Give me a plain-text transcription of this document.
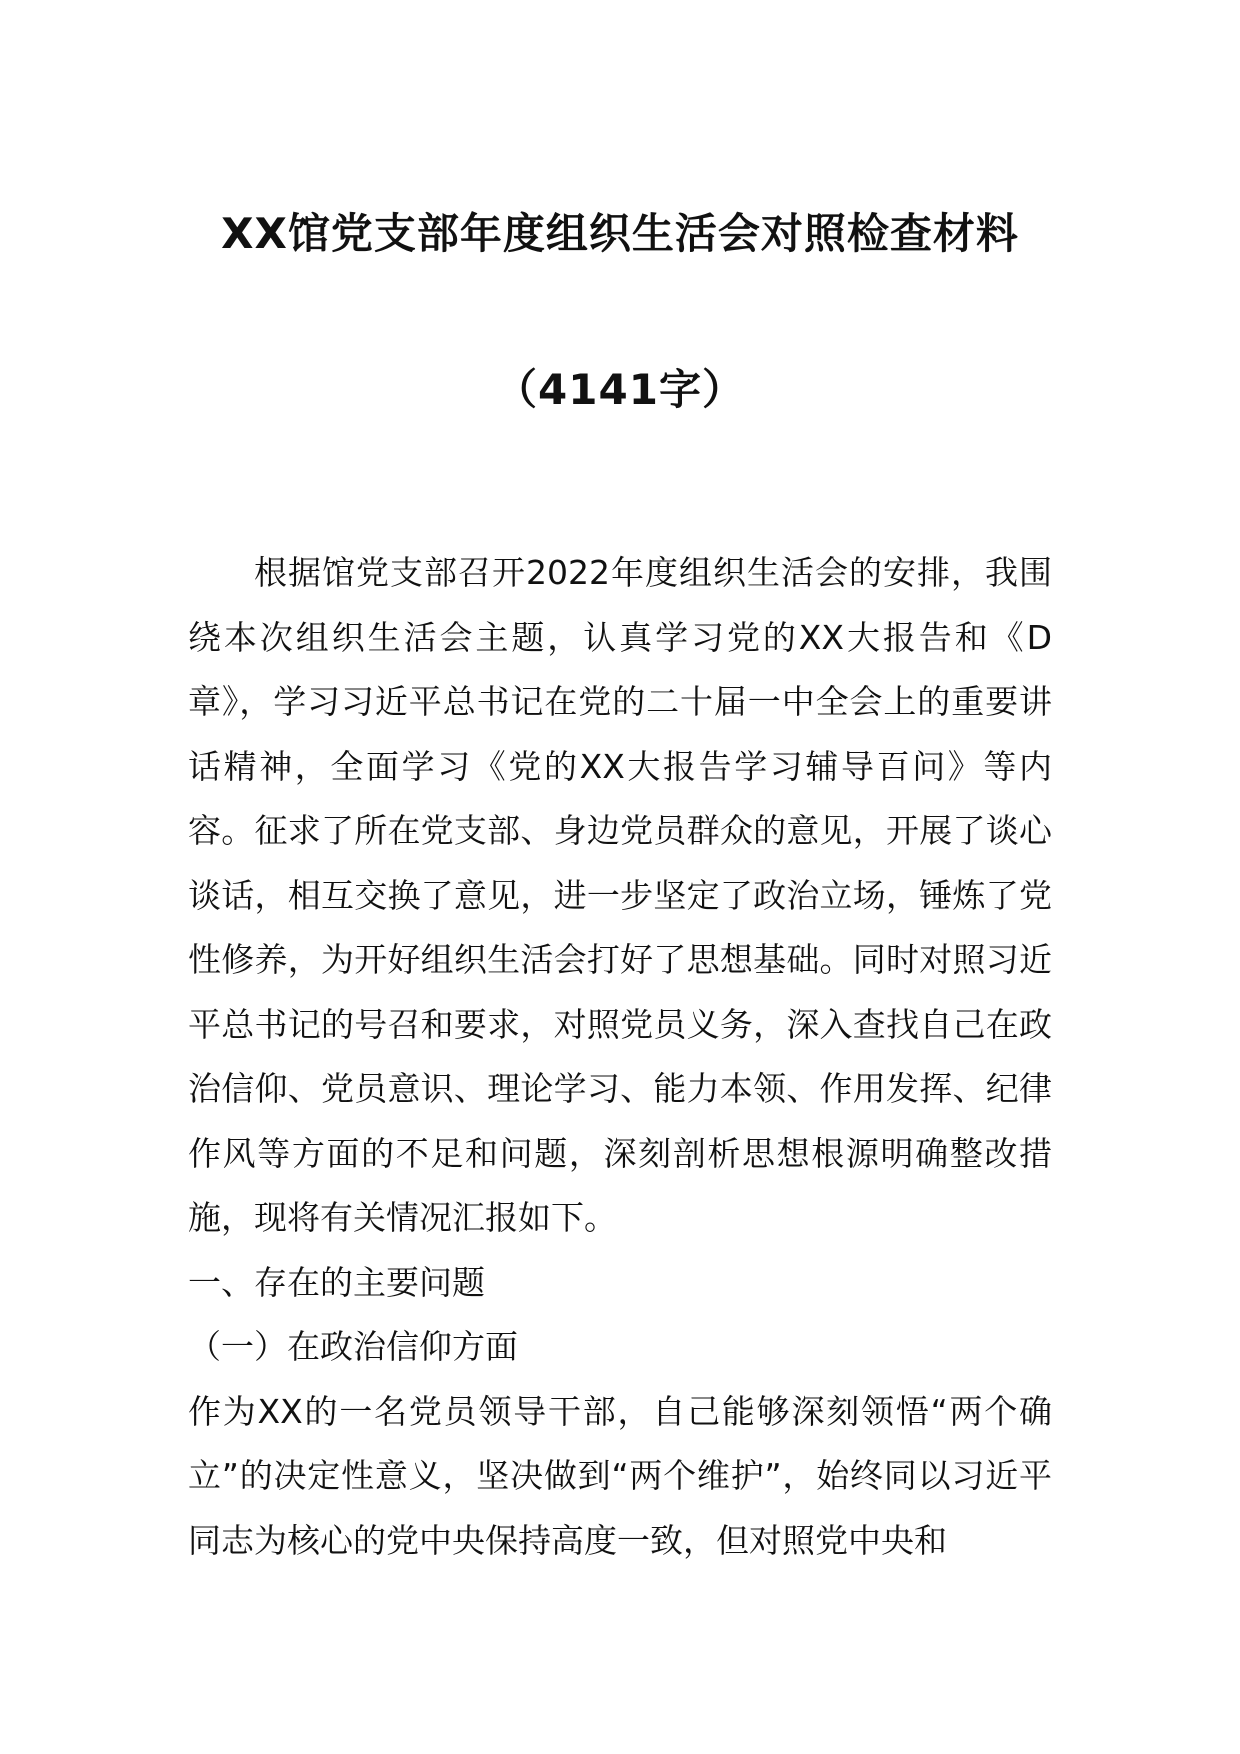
XX馆党支部年度组织生活会对照检查材料
（4141字）

根据馆党支部召开2022年度组织生活会的安排，我围绕本次组织生活会主题，认真学习党的XX大报告和《D章》，学习习近平总书记在党的二十届一中全会上的重要讲话精神，全面学习《党的XX大报告学习辅导百问》等内容。征求了所在党支部、身边党员群众的意见，开展了谈心谈话，相互交换了意见，进一步坚定了政治立场，锤炼了党性修养，为开好组织生活会打好了思想基础。同时对照习近平总书记的号召和要求，对照党员义务，深入查找自己在政治信仰、党员意识、理论学习、能力本领、作用发挥、纪律作风等方面的不足和问题，深刻剖析思想根源明确整改措施，现将有关情况汇报如下。

一、存在的主要问题

（一）在政治信仰方面

作为XX的一名党员领导干部，自己能够深刻领悟“两个确立”的决定性意义，坚决做到“两个维护”，始终同以习近平同志为核心的党中央保持高度一致，但对照党中央和
